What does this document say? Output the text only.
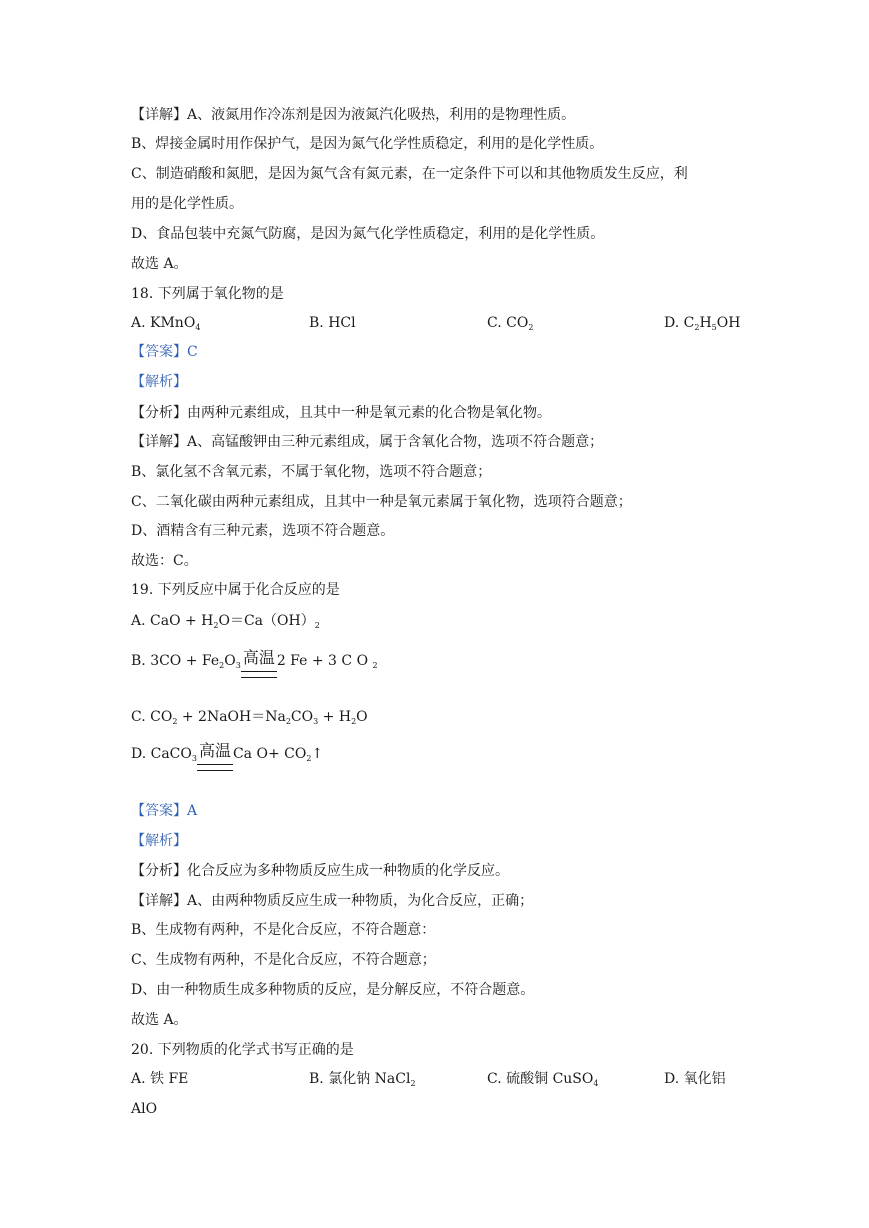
【详解】A、液氮用作冷冻剂是因为液氮汽化吸热，利用的是物理性质。
B、焊接金属时用作保护气，是因为氮气化学性质稳定，利用的是化学性质。
C、制造硝酸和氮肥，是因为氮气含有氮元素，在一定条件下可以和其他物质发生反应，利
用的是化学性质。
D、食品包装中充氮气防腐，是因为氮气化学性质稳定，利用的是化学性质。
故选 A。
18. 下列属于氧化物的是
A. KMnO$_4$	B. HCl	C. $CO_2$	D. $C_2H_5OH$
【答案】C
【解析】
【分析】由两种元素组成，且其中一种是氧元素的化合物是氧化物。
【详解】A、高锰酸钾由三种元素组成，属于含氧化合物，选项不符合题意；
B、氯化氢不含氧元素，不属于氧化物，选项不符合题意；
C、二氧化碳由两种元素组成，且其中一种是氧元素属于氧化物，选项符合题意；
D、酒精含有三种元素，选项不符合题意。
故选：C。
19. 下列反应中属于化合反应的是
A. CaO + $H_2O=Ca(OH)_2$
B. $3CO + Fe_2O_3$ 高温 2 Fe + 3 C O $_2$
C. $CO_2$ + $2NaOH=Na_2CO_3 + H_2O$
D. CaCO$_3$ 高温 Ca $O+ CO_2↑$
【答案】A
【解析】
【分析】化合反应为多种物质反应生成一种物质的化学反应。
【详解】A、由两种物质反应生成一种物质，为化合反应，正确；
B、生成物有两种，不是化合反应，不符合题意：
C、生成物有两种，不是化合反应，不符合题意；
D、由一种物质生成多种物质的反应，是分解反应，不符合题意。
故选 A。
20. 下列物质的化学式书写正确的是
A. 铁 FE	B. 氯化钠 NaCl$_2$	C. 硫酸铜 CuSO$_4$	D. 氧化铝
AlO
